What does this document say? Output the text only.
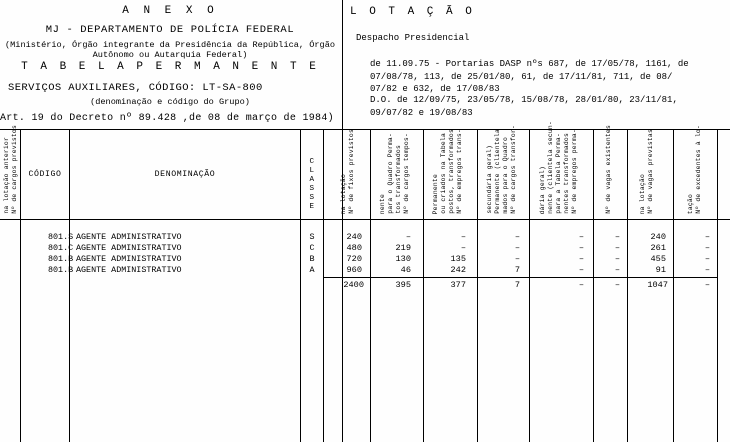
A N E X O
MJ - DEPARTAMENTO DE POLÍCIA FEDERAL
(Ministério, Órgão integrante da Presidência da República, Órgão Autônomo ou Autarquia Federal)
T A B E L A P E R M A N E N T E
SERVIÇOS AUXILIARES, CÓDIGO: LT-SA-800
(denominação e código do Grupo)
Art. 19 do Decreto nº 89.428 ,de 08 de março de 1984)
L O T A Ç Ã O
Despacho Presidencial
de 11.09.75 - Portarias DASP nºs 687, de 17/05/78, 1161, de
07/08/78, 113, de 25/01/80, 61, de 17/11/81, 711, de 08/
07/82 e 632, de 17/08/83
D.O. de 12/09/75, 23/05/78, 15/08/78, 28/01/80, 23/11/81,
09/07/82 e 19/08/83
na lotação anterior Nº de cargos previstos	CÓDIGO	DENOMINAÇÃO
C
L
A
S
S
E	na lotação Nº de fixos previstos	nente para o Quadro Perma- tos transformados Nº de cargos tempos-	Permanente ou criados na Tabela postos, transformados Nº de empregos trans-	secundária geral) Permanente (clientela mados para o Quadro Nº de cargos transfor-	dária geral) nente (clientela secun- para a Tabela Perma- nentes transformados Nº de empregos perma-	Nº de vagas existentes	na lotação Nº de vagas previstas	tação Nº de excedentes à lo-
801.S AGENTE ADMINISTRATIVO	S	240	–	–	–	–	–	240	–
801.C AGENTE ADMINISTRATIVO	C	480	219	–	–	–	–	261	–
801.B AGENTE ADMINISTRATIVO	B	720	130	135	–	–	–	455	–
801.B AGENTE ADMINISTRATIVO	A	960	46	242	7	–	–	91	–
2400	395	377	7	–	–	1047	–
